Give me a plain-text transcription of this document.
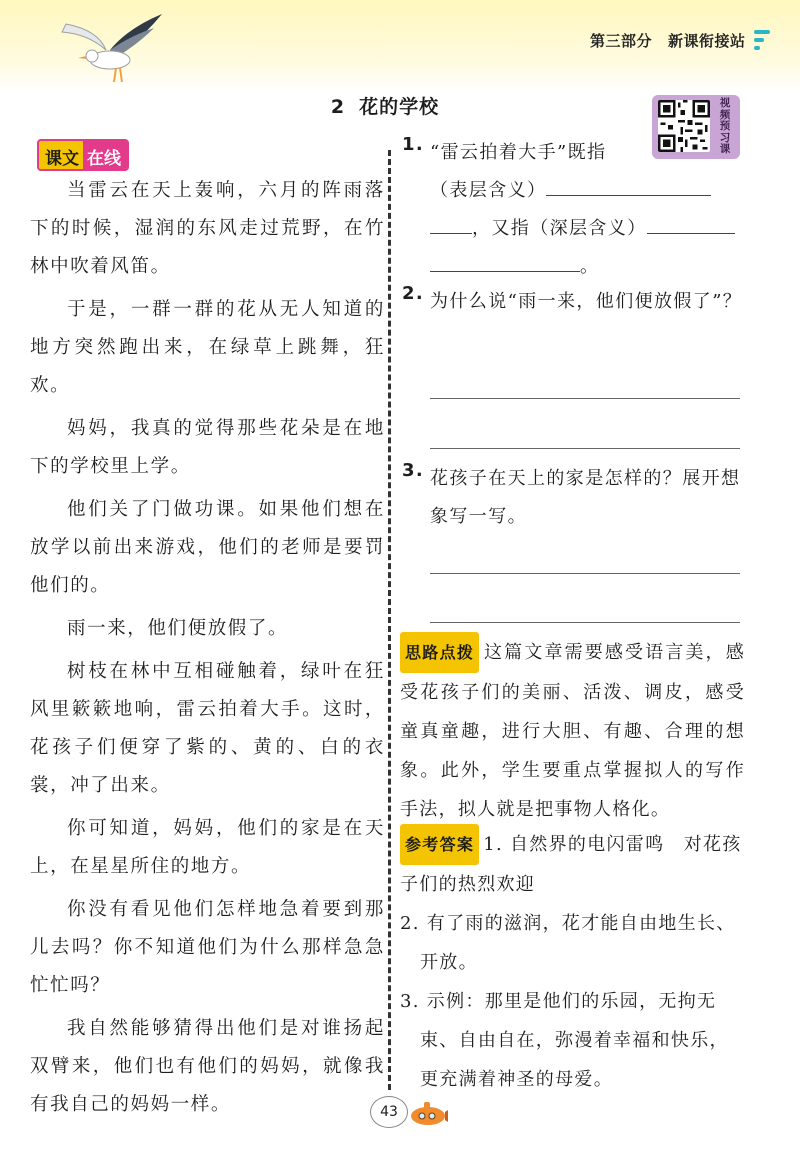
第三部分 新课衔接站
2 花的学校	视
频
预
习
课
课文 在线

当雷云在天上轰响，六月的阵雨落下的时候，湿润的东风走过荒野，在竹林中吹着风笛。

于是，一群一群的花从无人知道的地方突然跑出来，在绿草上跳舞，狂欢。

妈妈，我真的觉得那些花朵是在地下的学校里上学。

他们关了门做功课。如果他们想在放学以前出来游戏，他们的老师是要罚他们的。

雨一来，他们便放假了。

树枝在林中互相碰触着，绿叶在狂风里簌簌地响，雷云拍着大手。这时，花孩子们便穿了紫的、黄的、白的衣裳，冲了出来。

你可知道，妈妈，他们的家是在天上，在星星所住的地方。

你没有看见他们怎样地急着要到那儿去吗？你不知道他们为什么那样急急忙忙吗？

我自然能够猜得出他们是对谁扬起双臂来，他们也有他们的妈妈，就像我有我自己的妈妈一样。

1. “雷云拍着大手”既指
（表层含义）
，又指（深层含义）
。
2. 为什么说“雨一来，他们便放假了”？
3. 花孩子在天上的家是怎样的？展开想象写一写。
思路点拨 这篇文章需要感受语言美，感受花孩子们的美丽、活泼、调皮，感受童真童趣，进行大胆、有趣、合理的想象。此外，学生要重点掌握拟人的写作手法，拟人就是把事物人格化。

参考答案 1. 自然界的电闪雷鸣　对花孩子们的热烈欢迎

2. 有了雨的滋润，花才能自由地生长、开放。

3. 示例：那里是他们的乐园，无拘无束、自由自在，弥漫着幸福和快乐，更充满着神圣的母爱。

43
